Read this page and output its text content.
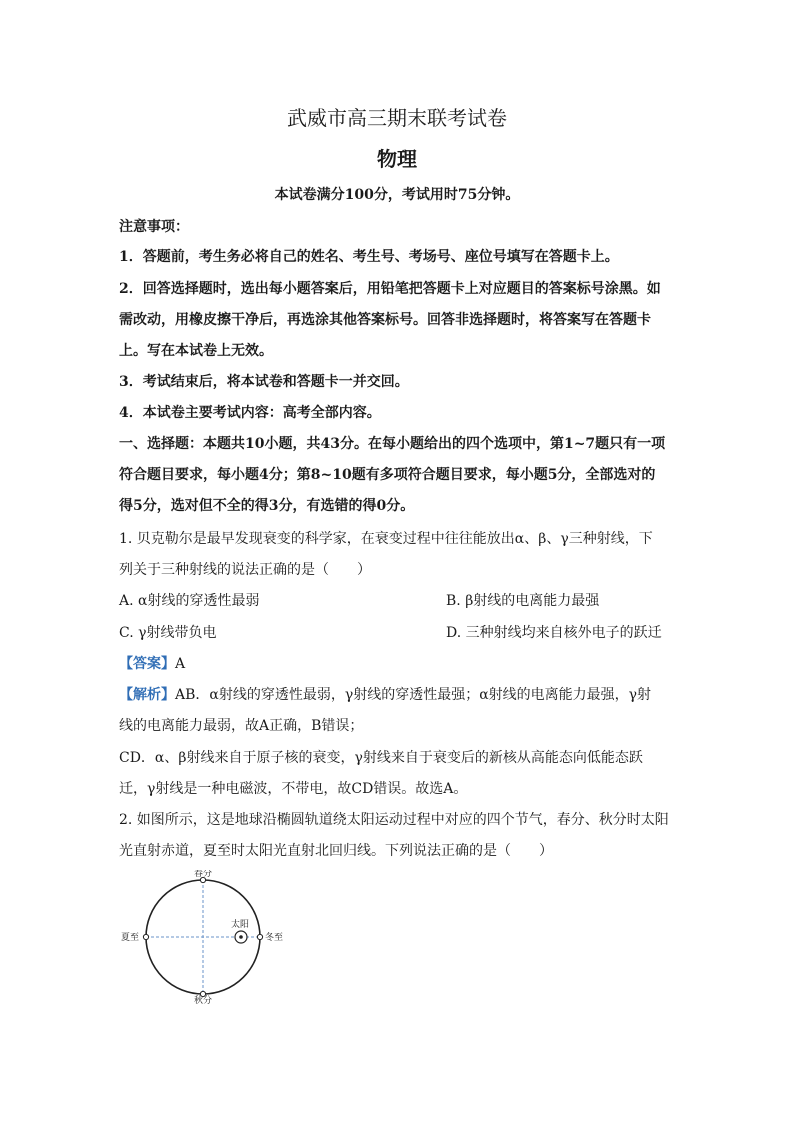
武威市高三期末联考试卷
物理
本试卷满分100分，考试用时75分钟。
注意事项：
1．答题前，考生务必将自己的姓名、考生号、考场号、座位号填写在答题卡上。
2．回答选择题时，选出每小题答案后，用铅笔把答题卡上对应题目的答案标号涂黑。如
需改动，用橡皮擦干净后，再选涂其他答案标号。回答非选择题时，将答案写在答题卡
上。写在本试卷上无效。
3．考试结束后，将本试卷和答题卡一并交回。
4．本试卷主要考试内容：高考全部内容。
一、选择题：本题共10小题，共43分。在每小题给出的四个选项中，第1~7题只有一项
符合题目要求，每小题4分；第8~10题有多项符合题目要求，每小题5分，全部选对的
得5分，选对但不全的得3分，有选错的得0分。
1. 贝克勒尔是最早发现衰变的科学家，在衰变过程中往往能放出α、β、γ三种射线，下
列关于三种射线的说法正确的是（　　）
A. α射线的穿透性最弱	B. β射线的电离能力最强
C. γ射线带负电	D. 三种射线均来自核外电子的跃迁
【答案】A
【解析】AB．α射线的穿透性最弱，γ射线的穿透性最强；α射线的电离能力最强，γ射
线的电离能力最弱，故A正确，B错误；
CD．α、β射线来自于原子核的衰变，γ射线来自于衰变后的新核从高能态向低能态跃
迁，γ射线是一种电磁波，不带电，故CD错误。故选A。
2. 如图所示，这是地球沿椭圆轨道绕太阳运动过程中对应的四个节气，春分、秋分时太阳
光直射赤道，夏至时太阳光直射北回归线。下列说法正确的是（　　）
春分
秋分
夏至	冬至
太阳
